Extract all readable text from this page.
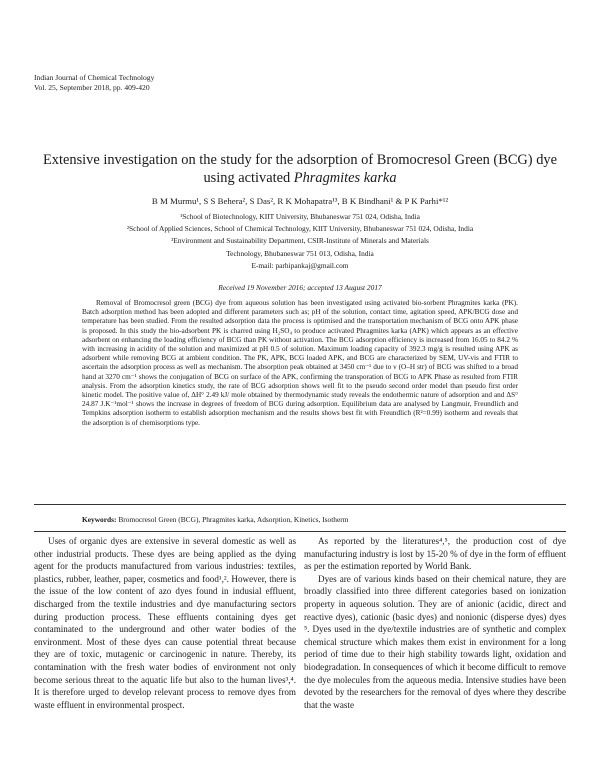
Indian Journal of Chemical Technology
Vol. 25, September 2018, pp. 409-420
Extensive investigation on the study for the adsorption of Bromocresol Green (BCG) dye using activated Phragmites karka
B M Murmu¹, S S Behera², S Das², R K Mohapatra¹³, B K Bindhani¹ & P K Parhi*¹²
¹School of Biotechnology, KIIT University, Bhubaneswar 751 024, Odisha, India
²School of Applied Sciences, School of Chemical Technology, KIIT University, Bhubaneswar 751 024, Odisha, India
³Environment and Sustainability Department, CSIR-Institute of Minerals and Materials
Technology, Bhubaneswar 751 013, Odisha, India
E-mail: parhipankaj@gmail.com
Received 19 November 2016; accepted 13 August 2017

Removal of Bromocresol green (BCG) dye from aqueous solution has been investigated using activated bio-sorbent Phragmites karka (PK). Batch adsorption method has been adopted and different parameters such as; pH of the solution, contact time, agitation speed, APK/BCG dose and temperature has been studied. From the resulted adsorption data the process is optimised and the transportation mechanism of BCG onto APK phase is proposed. In this study the bio-adsorbent PK is charred using H₂SO₄ to produce activated Phragmites karka (APK) which appears as an effective adsorbent on enhancing the loading efficiency of BCG than PK without activation. The BCG adsorption efficiency is increased from 16.05 to 84.2 % with increasing in acidity of the solution and maximized at pH 0.5 of solution. Maximum loading capacity of 392.3 mg/g is resulted using APK as adsorbent while removing BCG at ambient condition. The PK, APK, BCG loaded APK, and BCG are characterized by SEM, UV-vis and FTIR to ascertain the adsorption process as well as mechanism. The absorption peak obtained at 3450 cm⁻¹ due to ν (O–H str) of BCG was shifted to a broad hand at 3270 cm⁻¹ shows the conjugation of BCG on surface of the APK, confirming the transporation of BCG to APK Phase as resulted from FTIR analysis. From the adsorption kinetics study, the rate of BCG adsorption shows well fit to the pseudo second order model than pseudo first order kinetic model. The positive value of, ΔH° 2.49 kJ/ mole obtained by thermodynamic study reveals the endothermic nature of adsorption and and ΔS° 24.87 J.K⁻¹mol⁻¹ shows the increase in degrees of freedom of BCG during adsorption. Equilibrium data are analysed by Langmuir, Freundlich and Tempkins adsorption isotherm to establish adsorption mechanism and the results shows best fit with Freundlich (R²=0.99) isotherm and reveals that the adsorption is of chemisorptions type.

Keywords: Bromocresol Green (BCG), Phragmites karka, Adsorption, Kinetics, Isotherm

Uses of organic dyes are extensive in several domestic as well as other industrial products. These dyes are being applied as the dying agent for the products manufactured from various industries: textiles, plastics, rubber, leather, paper, cosmetics and food¹,². However, there is the issue of the low content of azo dyes found in indusial effluent, discharged from the textile industries and dye manufacturing sectors during production process. These effluents containing dyes get contaminated to the underground and other water bodies of the environment. Most of these dyes can cause potential threat because they are of toxic, mutagenic or carcinogenic in nature. Thereby, its contamination with the fresh water bodies of environment not only become serious threat to the aquatic life but also to the human lives³,⁴. It is therefore urged to develop relevant process to remove dyes from waste effluent in environmental prospect.

As reported by the literatures⁴,⁵, the production cost of dye manufacturing industry is lost by 15-20 % of dye in the form of effluent as per the estimation reported by World Bank.

Dyes are of various kinds based on their chemical nature, they are broadly classified into three different categories based on ionization property in aqueous solution. They are of anionic (acidic, direct and reactive dyes), cationic (basic dyes) and nonionic (disperse dyes) dyes ⁵. Dyes used in the dye/textile industries are of synthetic and complex chemical structure which makes them exist in environment for a long period of time due to their high stability towards light, oxidation and biodegradation. In consequences of which it become difficult to remove the dye molecules from the aqueous media. Intensive studies have been devoted by the researchers for the removal of dyes where they describe that the waste
